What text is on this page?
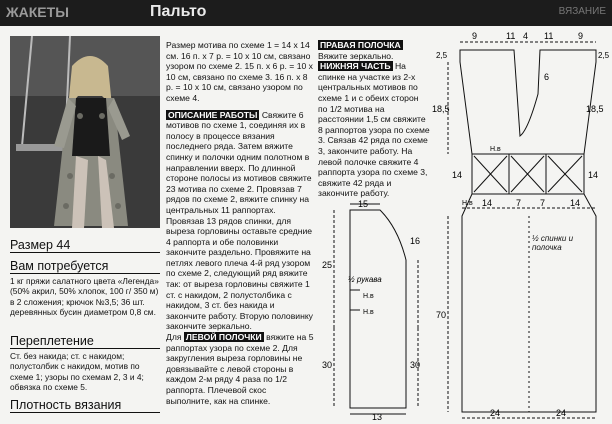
ЖАКЕТЫ	Пальто	ВЯЗАНИЕ
Размер 44
Вам потребуется
1 кг пряжи салатного цвета «Легенда» (50% акрил, 50% хлопок, 100 г/ 350 м) в 2 сложения; крючок №3,5; 36 шт. деревянных бусин диаметром 0,8 см.
Переплетение
Ст. без накида; ст. с накидом; полустолбик с накидом, мотив по схеме 1; узоры по схемам 2, 3 и 4; обвязка по схеме 5.
Плотность вязания

Размер мотива по схеме 1 = 14 х 14 см. 16 п. х 7 р. = 10 х 10 см, связано узором по схеме 2. 15 п. х 6 р. = 10 х 10 см, связано по схеме 3. 16 п. х 8 р. = 10 х 10 см, связано узором по схеме 4.

ОПИСАНИЕ РАБОТЫ Свяжите 6 мотивов по схеме 1, соединяя их в полосу в процессе вязания последнего ряда. Затем вяжите спинку и полочки одним полотном в направлении вверх. По длинной стороне полосы из мотивов свяжите 23 мотива по схеме 2. Провязав 7 рядов по схеме 2, вяжите спинку на центральных 11 раппортах. Провязав 13 рядов спинки, для выреза горловины оставьте средние 4 раппорта и обе половинки закончите раздельно. Провяжите на петлях левого плеча 4-й ряд узором по схеме 2, следующий ряд вяжите так: от выреза горловины свяжите 1 ст. с накидом, 2 полустолбика с накидом, 3 ст. без накида и закончите работу. Вторую половинку закончите зеркально.

Для ЛЕВОЙ ПОЛОЧКИ вяжите на 5 раппортах узора по схеме 2. Для закругления выреза горловины не довязывайте с левой стороны в каждом 2-м ряду 4 раза по 1/2 раппорта. Плечевой скос выполните, как на спинке.

ПРАВАЯ ПОЛОЧКА Вяжите зеркально.

НИЖНЯЯ ЧАСТЬ На спинке на участке из 2-х центральных мотивов по схеме 1 и с обеих сторон по 1/2 мотива на расстоянии 1,5 см свяжите 8 раппортов узора по схеме 3. Связав 42 ряда по схеме 3, закончите работу. На левой полочке свяжите 4 раппорта узора по схеме 3, свяжите 42 ряда и закончите работу.

15
½ рукава
25
30
16
30
Н.в
Н.в
13
9	11 4 11	9
2,5	2,5
6
18,5	18,5
14	14
Н.в
Н.в 14	7 7	14
70
½ спинки и полочка
24	24
